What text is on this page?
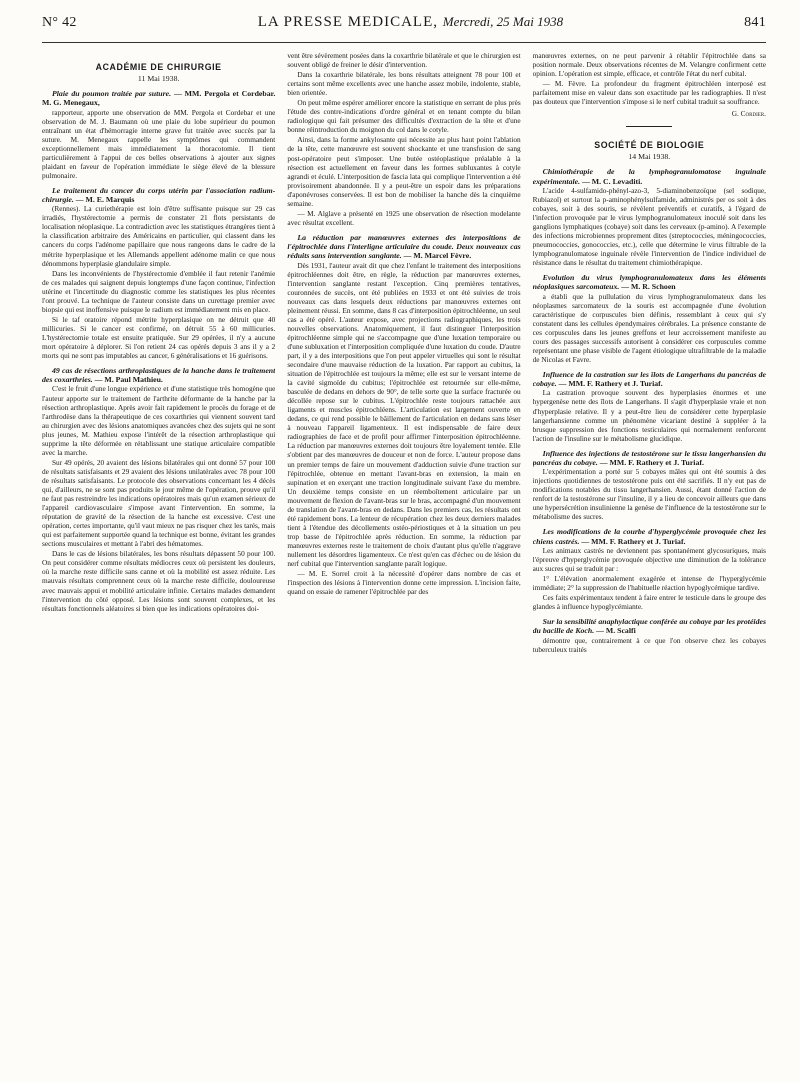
N° 42	LA PRESSE MEDICALE, Mercredi, 25 Mai 1938	841
ACADÉMIE DE CHIRURGIE
11 Mai 1938.
Plaie du poumon traitée par suture. — MM. Pergola et Cordebar. M. G. Menegaux,

rapporteur, apporte une observation de MM. Pergola et Cordebar et une observation de M. J. Baumann où une plaie du lobe supérieur du poumon entraînant un état d'hémorragie interne grave fut traitée avec succès par la suture. M. Menegaux rappelle les symptômes qui commandent exceptionnellement mais immédiatement la thoracotomie. Il tient particulièrement à l'appui de ces belles observations à ajouter aux signes plaidant en faveur de l'opération immédiate le siège élevé de la blessure pulmonaire.

Le traitement du cancer du corps utérin par l'association radium-chirurgie. — M. E. Marquis

(Rennes). La curiethérapie est loin d'être suffisante puisque sur 29 cas irradiés, l'hystérectomie a permis de constater 21 flots persistants de localisation néoplasique. La contradiction avec les statistiques étrangères tient à la classification arbitraire des Américains en particulier, qui classent dans les cancers du corps l'adénome papillaire que nous rangeons dans le cadre de la métrite hyperplasique et les Allemands appellent adénome malin ce que nous dénommons hyperplasie glandulaire simple.

Dans les inconvénients de l'hystérectomie d'emblée il faut retenir l'anémie de ces malades qui saignent depuis longtemps d'une façon continue, l'infection utérine et l'incertitude du diagnostic comme les statistiques les plus récentes l'ont prouvé. La technique de l'auteur consiste dans un curettage premier avec biopsie qui est inoffensive puisque le radium est immédiatement mis en place.

Si le taf oratoire répond métrite hyperplasique on ne détruit que 40 millicuries. Si le cancer est confirmé, on détruit 55 à 60 millicuries. L'hystérectomie totale est ensuite pratiquée. Sur 29 opérées, il n'y a aucune mort opératoire à déplorer. Si l'on retient 24 cas opérés depuis 3 ans il y a 2 morts qui ne sont pas imputables au cancer, 6 généralisations et 16 guérisons.

49 cas de résections arthroplastiques de la hanche dans le traitement des coxarthries. — M. Paul Mathieu.

C'est le fruit d'une longue expérience et d'une statistique très homogène que l'auteur apporte sur le traitement de l'arthrite déformante de la hanche par la résection arthroplastique. Après avoir fait rapidement le procès du forage et de l'arthrodèse dans la thérapeutique de ces coxarthries qui viennent souvent tard au chirurgien avec des lésions anatomiques avancées chez des sujets qui ne sont plus jeunes, M. Mathieu expose l'intérêt de la résection arthroplastique qui supprime la tête déformée en rétablissant une statique articulaire compatible avec la marche.

Sur 49 opérés, 20 avaient des lésions bilatérales qui ont donné 57 pour 100 de résultats satisfaisants et 29 avaient des lésions unilatérales avec 78 pour 100 de résultats satisfaisants. Le protocole des observations concernant les 4 décès qui, d'ailleurs, ne se sont pas produits le jour même de l'opération, prouve qu'il ne faut pas restreindre les indications opératoires mais qu'un examen sérieux de l'appareil cardiovasculaire s'impose avant l'intervention. En somme, la réputation de gravité de la résection de la hanche est excessive. C'est une opération, certes importante, qu'il vaut mieux ne pas risquer chez les tarés, mais qui est parfaitement supportée quand la technique est bonne, évitant les grandes sections musculaires et mettant à l'abri des hématomes.

Dans le cas de lésions bilatérales, les bons résultats dépassent 50 pour 100. On peut considérer comme résultats médiocres ceux où persistent les douleurs, où la marche reste difficile sans canne et où la mobilité est assez réduite. Les mauvais résultats comprennent ceux où la marche reste difficile, douloureuse avec mauvais appui et mobilité articulaire infinie. Certains malades demandent l'intervention du côté opposé. Les lésions sont souvent complexes, et les résultats fonctionnels aléatoires si bien que les indications opératoires doi-

vent être sévèrement posées dans la coxarthrie bilatérale et que le chirurgien est souvent obligé de freiner le désir d'intervention.

Dans la coxarthrie bilatérale, les bons résultats atteignent 78 pour 100 et certains sont même excellents avec une hanche assez mobile, indolente, stable, bien orientée.

On peut même espérer améliorer encore la statistique en serrant de plus près l'étude des contre-indications d'ordre général et en tenant compte du bilan radiologique qui fait présumer des difficultés d'extraction de la tête et d'une bonne réintroduction du moignon du col dans le cotyle.

Ainsi, dans la forme ankylosante qui nécessite au plus haut point l'ablation de la tête, cette manœuvre est souvent shockante et une transfusion de sang post-opératoire peut s'imposer. Une butée ostéoplastique préalable à la résection est actuellement en faveur dans les formes subluxantes à cotyle agrandi et éculé. L'interposition de fascia lata qui complique l'intervention a été provisoirement abandonnée. Il y a peut-être un espoir dans les préparations d'aponévroses conservées. Il est bon de mobiliser la hanche dès la cinquième semaine.

— M. Alglave a présenté en 1925 une observation de résection modelante avec résultat excellent.

La réduction par manœuvres externes des interpositions de l'épitrochlée dans l'interligne articulaire du coude. Deux nouveaux cas réduits sans intervention sanglante. — M. Marcel Fèvre.

Dès 1931, l'auteur avait dit que chez l'enfant le traitement des interpositions épitrochléennes doit être, en règle, la réduction par manœuvres externes, l'intervention sanglante restant l'exception. Cinq premières tentatives, couronnées de succès, ont été publiées en 1933 et ont été suivies de trois nouveaux cas dans lesquels deux réductions par manœuvres externes ont pleinement réussi. En somme, dans 8 cas d'interposition épitrochléenne, un seul cas a été opéré. L'auteur expose, avec projections radiographiques, les trois nouvelles observations. Anatomiquement, il faut distinguer l'interposition épitrochléenne simple qui ne s'accompagne que d'une luxation temporaire ou d'une subluxation et l'interposition compliquée d'une luxation du coude. D'autre part, il y a des interpositions que l'on peut appeler virtuelles qui sont le résultat secondaire d'une mauvaise réduction de la luxation. Par rapport au cubitus, la situation de l'épitrochlée est toujours la même; elle est sur le versant interne de la cavité sigmoïde du cubitus; l'épitrochlée est retournée sur elle-même, basculée de dedans en dehors de 90°, de telle sorte que la surface fracturée ou décollée repose sur le cubitus. L'épitrochlée reste toujours rattachée aux ligaments et muscles épitrochléens. L'articulation est largement ouverte en dedans, ce qui rend possible le bâillement de l'articulation en dedans sans léser à nouveau l'appareil ligamenteux. Il est indispensable de faire deux radiographies de face et de profil pour affirmer l'interposition épitrochléenne. La réduction par manœuvres externes doit toujours être loyalement tentée. Elle s'obtient par des manœuvres de douceur et non de force. L'auteur propose dans un premier temps de faire un mouvement d'adduction suivie d'une traction sur l'épitrochlée, obtenue en mettant l'avant-bras en extension, la main en supination et en exerçant une traction longitudinale suivant l'axe du membre. Un deuxième temps consiste en un réemboîtement articulaire par un mouvement de flexion de l'avant-bras sur le bras, accompagné d'un mouvement de translation de l'avant-bras en dedans. Dans les premiers cas, les résultats ont été rapidement bons. La lenteur de récupération chez les deux derniers malades tient à l'étendue des décollements ostéo-périostiques et à la situation un peu trop basse de l'épitrochlée après réduction. En somme, la réduction par manœuvres externes reste le traitement de choix d'autant plus qu'elle n'aggrave nullement les désordres ligamenteux. Ce n'est qu'en cas d'échec ou de lésion du nerf cubital que l'intervention sanglante paraît logique.

— M. E. Sorrel croit à la nécessité d'opérer dans nombre de cas et l'inspection des lésions à l'intervention donne cette impression. L'incision faite, quand on essaie de ramener l'épitrochlée par des

manœuvres externes, on ne peut parvenir à rétablir l'épitrochlée dans sa position normale. Deux observations récentes de M. Velangre confirment cette opinion. L'opération est simple, efficace, et contrôle l'état du nerf cubital.

— M. Fèvre. La profondeur du fragment épitrochléen interposé est parfaitement mise en valeur dans son exactitude par les radiographies. Il n'est pas douteux que l'intervention s'impose si le nerf cubital traduit sa souffrance.

G. Cordier.
SOCIÉTÉ DE BIOLOGIE
14 Mai 1938.
Chimiothérapie de la lymphogranulomatose inguinale expérimentale. — M. C. Levaditi.

L'acide 4-sulfamido-phényl-azo-3, 5-diaminobenzoïque (sel sodique, Rubiazol) et surtout la p-aminophénylsulfamide, administrés per os soit à des cobayes, soit à des souris, se révèlent préventifs et curatifs, à l'égard de l'infection provoquée par le virus lymphogranulomateux inoculé soit dans les ganglions lymphatiques (cobaye) soit dans les cerveaux (p-amino). A l'exemple des infections microbiennes proprement dites (streptococcies, méningococcies, pneumococcies, gonococcies, etc.), celle que détermine le virus filtrable de la lymphogranulomatose inguinale révèle l'intervention de l'indice individuel de résistance dans le résultat du traitement chimiothérapique.

Evolution du virus lymphogranulomateux dans les éléments néoplasiques sarcomateux. — M. R. Schoen

a établi que la pullulation du virus lymphogranulomateux dans les néoplasmes sarcomateux de la souris est accompagnée d'une évolution caractéristique de corpuscules bien définis, ressemblant à ceux qui s'y constatent dans les cellules épendymaires cérébrales. La présence constante de ces corpuscules dans les jeunes greffons et leur accroissement manifeste au cours des passages successifs autorisent à considérer ces corpuscules comme représentant une phase visible de l'agent étiologique ultrafiltrable de la maladie de Nicolas et Favre.

Influence de la castration sur les îlots de Langerhans du pancréas de cobaye. — MM. F. Rathery et J. Turiaf.

La castration provoque souvent des hyperplasies énormes et une hypergenèse nette des îlots de Langerhans. Il s'agit d'hyperplasie vraie et non d'hyperplasie relative. Il y a peut-être lieu de considérer cette hyperplasie langerhansienne comme un phénomène vicariant destiné à suppléer à la brusque suppression des fonctions testiculaires qui normalement renforcent l'action de l'insuline sur le métabolisme glucidique.

Influence des injections de testostérone sur le tissu langerhansien du pancréas du cobaye. — MM. F. Rathery et J. Turiaf.

L'expérimentation a porté sur 5 cobayes mâles qui ont été soumis à des injections quotidiennes de testostérone puis ont été sacrifiés. Il n'y eut pas de modifications notables du tissu langerhansien. Aussi, étant donné l'action de renfort de la testostérone sur l'insuline, il y a lieu de concevoir ailleurs que dans une hypersécrétion insulinienne la genèse de l'influence de la testostérone sur le métabolisme des sucres.

Les modifications de la courbe d'hyperglycémie provoquée chez les chiens castrés. — MM. F. Rathery et J. Turiaf.

Les animaux castrés ne deviennent pas spontanément glycosuriques, mais l'épreuve d'hyperglycémie provoquée objective une diminution de la tolérance aux sucres qui se traduit par :

1° L'élévation anormalement exagérée et intense de l'hyperglycémie immédiate; 2° la suppression de l'habituelle réaction hypoglycémique tardive.

Ces faits expérimentaux tendent à faire entrer le testicule dans le groupe des glandes à influence hypoglycémiante.

Sur la sensibilité anaphylactique conférée au cobaye par les protéides du bacille de Koch. — M. Scalfi

démontre que, contrairement à ce que l'on observe chez les cobayes tuberculeux traités
